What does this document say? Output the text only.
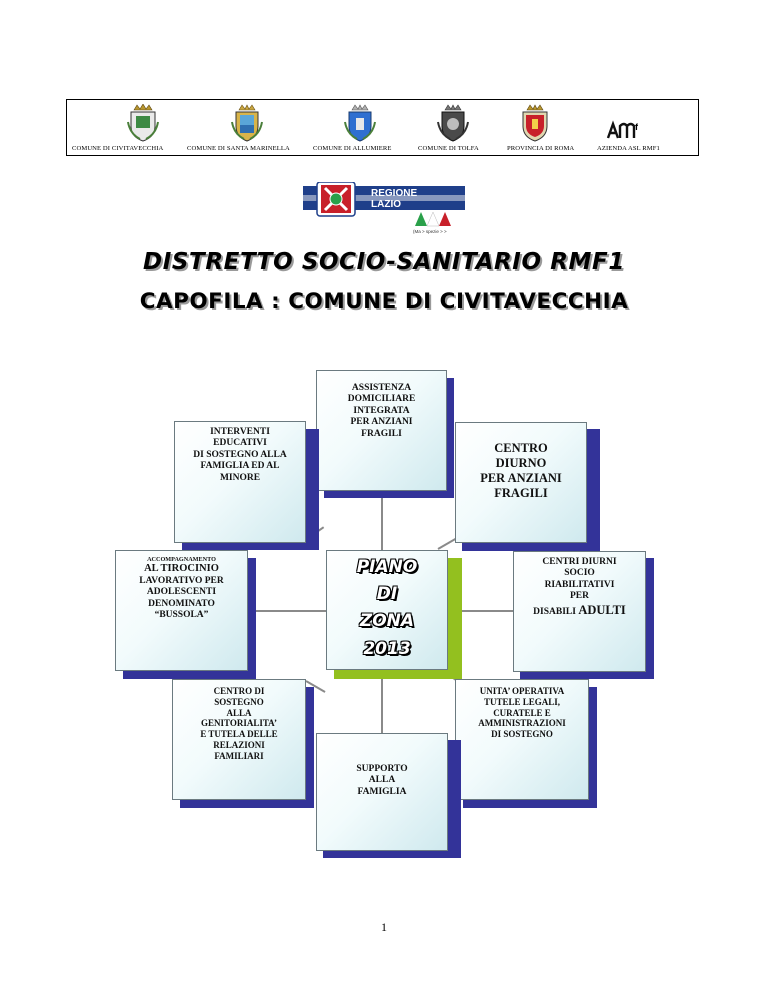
COMUNE DI CIVITAVECCHIA	COMUNE DI SANTA MARINELLA	COMUNE DI ALLUMIERE	COMUNE DI TOLFA	PROVINCIA DI ROMA
f
AZIENDA ASL RMF1
REGIONE
LAZIO
(Ma > spezie > >
DISTRETTO SOCIO-SANITARIO RMF1
CAPOFILA : COMUNE DI CIVITAVECCHIA
ASSISTENZA
DOMICILIARE
INTEGRATA
PER ANZIANI
FRAGILI
INTERVENTI
EDUCATIVI
DI SOSTEGNO ALLA
FAMIGLIA ED AL
MINORE
CENTRO
DIURNO
PER ANZIANI
FRAGILI
PIANO
DI
ZONA
2013
ACCOMPAGNAMENTO
AL TIROCINIO
LAVORATIVO PER
ADOLESCENTI
DENOMINATO
“BUSSOLA”
CENTRI DIURNI
SOCIO
RIABILITATIVI
PER
DISABILI ADULTI
CENTRO DI
SOSTEGNO
ALLA
GENITORIALITA’
E TUTELA DELLE
RELAZIONI
FAMILIARI
UNITA’ OPERATIVA
TUTELE LEGALI,
CURATELE E
AMMINISTRAZIONI
DI SOSTEGNO
SUPPORTO
ALLA
FAMIGLIA
1
